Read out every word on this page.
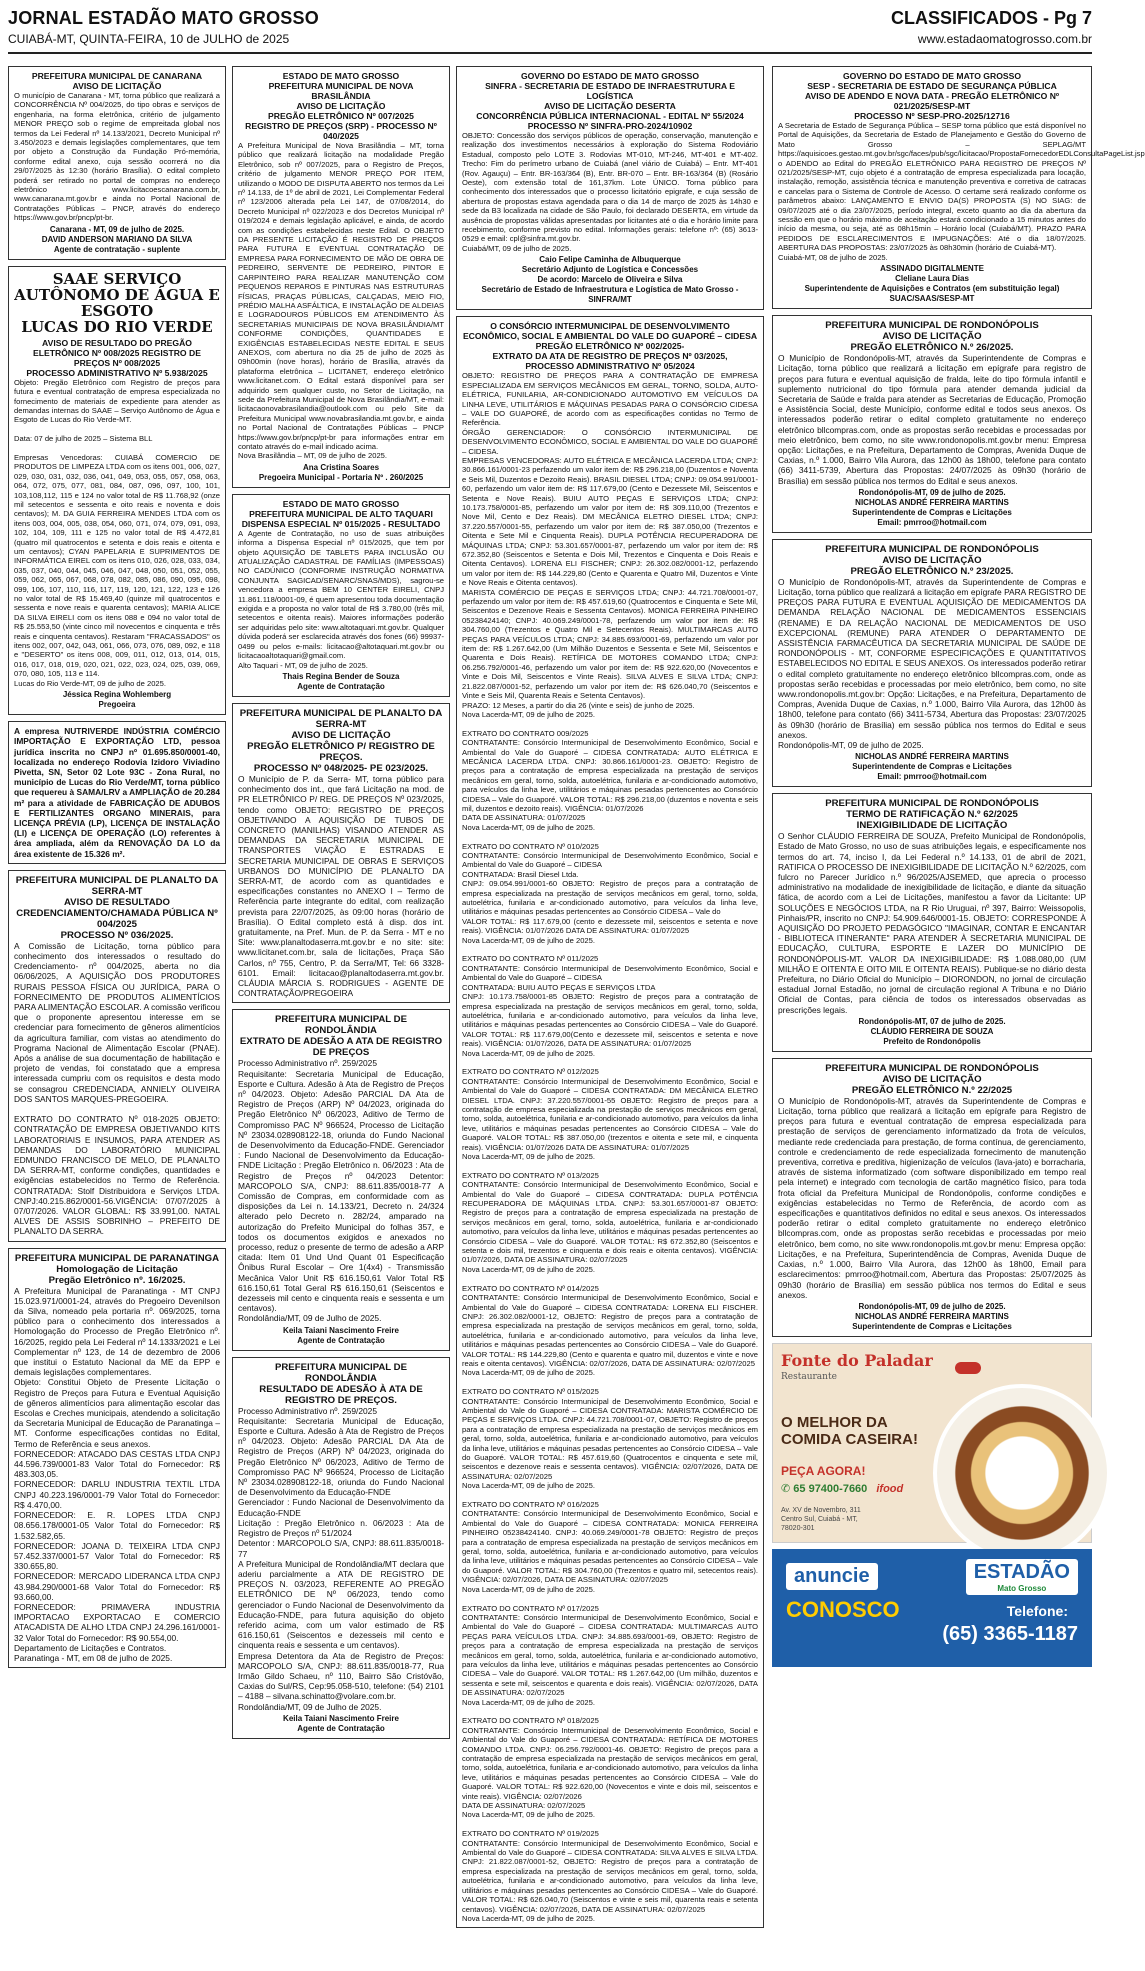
JORNAL ESTADÃO MATO GROSSO
CUIABÁ-MT, QUINTA-FEIRA, 10 de JULHO de 2025
CLASSIFICADOS - Pg 7
www.estadaomatogrosso.com.br
PREFEITURA MUNICIPAL DE CANARANA
AVISO DE LICITAÇÃO
O município de Canarana - MT, torna público que realizará a CONCORRÊNCIA Nº 004/2025, do tipo obras e serviços de engenharia, na forma eletrônica, critério de julgamento MENOR PREÇO sob o regime de empreitada global nos termos da Lei Federal nº 14.133/2021, Decreto Municipal nº 3.450/2023 e demais legislações complementares, que tem por objeto a Construção da Fundação Pró-memória, conforme edital anexo, cuja sessão ocorrerá no dia 29/07/2025 às 12:30 (horário Brasília). O edital completo poderá ser retirado no portal de compras no endereço eletrônico www.licitacoescanarana.com.br, www.canarana.mt.gov.br e ainda no Portal Nacional de Contratações Públicas – PNCP, através do endereço https://www.gov.br/pncp/pt-br.
Canarana - MT, 09 de julho de 2025.
DAVID ANDERSON MARIANO DA SILVA
Agente de contratação - suplente
SAAE SERVIÇO AUTÔNOMO DE ÁGUA E ESGOTO
LUCAS DO RIO VERDE
AVISO DE RESULTADO DO PREGÃO ELETRÔNICO Nº 008/2025 REGISTRO DE PREÇOS Nº 008/2025
PROCESSO ADMINISTRATIVO Nº 5.938/2025
Objeto: Pregão Eletrônico com Registro de preços para futura e eventual contratação de empresa especializada no fornecimento de materiais de expediente para atender as demandas internas do SAAE – Serviço Autônomo de Água e Esgoto de Lucas do Rio Verde-MT.

Data: 07 de julho de 2025 – Sistema BLL

Empresas Vencedoras: CUIABÁ COMERCIO DE PRODUTOS DE LIMPEZA LTDA com os itens 001, 006, 027, 029, 030, 031, 032, 036, 041, 049, 053, 055, 057, 058, 063, 064, 072, 075, 077, 081, 084, 087, 096, 097, 100, 101, 103,108,112, 115 e 124 no valor total de R$ 11.768,92 (onze mil setecentos e sessenta e oito reais e noventa e dois centavos); M. DA GUIA FERREIRA MENDES LTDA com os itens 003, 004, 005, 038, 054, 060, 071, 074, 079, 091, 093, 102, 104, 109, 111 e 125 no valor total de R$ 4.472,81 (quatro mil quatrocentos e setenta e dois reais e oitenta e um centavos); CYAN PAPELARIA E SUPRIMENTOS DE INFORMÁTICA EIREL com os itens 010, 026, 028, 033, 034, 035, 037, 040, 044, 045, 046, 047, 048, 050, 051, 052, 055, 059, 062, 065, 067, 068, 078, 082, 085, 086, 090, 095, 098, 099, 106, 107, 110, 116, 117, 119, 120, 121, 122, 123 e 126 no valor total de R$ 15.469,40 (quinze mil quatrocentos e sessenta e nove reais e quarenta centavos); MARIA ALICE DA SILVA EIRELI com os itens 088 e 094 no valor total de R$ 25.553,50 (vinte cinco mil novecentos e cinquenta e três reais e cinquenta centavos). Restaram "FRACASSADOS" os itens 002, 007, 042, 043, 061, 066, 073, 076, 089, 092, e 118 e "DESERTO" os itens 008, 009, 011, 012, 013, 014, 015, 016, 017, 018, 019, 020, 021, 022, 023, 024, 025, 039, 069, 070, 080, 105, 113 e 114.
Lucas do Rio Verde-MT, 09 de julho de 2025.
Jéssica Regina Wohlemberg
Pregoeira
A empresa NUTRIVERDE INDÚSTRIA COMÉRCIO IMPORTAÇÃO E EXPORTAÇÃO LTD, pessoa jurídica inscrita no CNPJ nº 01.695.850/0001-40, localizada no endereço Rodovia Izidoro Viviadino Pivetta, SN, Setor 02 Lote 93C - Zona Rural, no município de Lucas do Rio Verde/MT, torna público que requereu à SAMA/LRV a AMPLIAÇÃO de 20.284 m² para a atividade de FABRICAÇÃO DE ADUBOS E FERTILIZANTES ORGANO MINERAIS, para LICENÇA PRÉVIA (LP), LICENÇA DE INSTALAÇÃO (LI) e LICENÇA DE OPERAÇÃO (LO) referentes à área ampliada, além da RENOVAÇÃO DA LO da área existente de 15.326 m².
PREFEITURA MUNICIPAL DE PLANALTO DA SERRA-MT
AVISO DE RESULTADO CREDENCIAMENTO/CHAMADA PÚBLICA Nº 004/2025
PROCESSO Nº 036/2025.
A Comissão de Licitação, torna público para conhecimento dos interessados o resultado do Credenciamento- nº 004/2025, aberta no dia 06/06/2025, A AQUISIÇÃO DOS PRODUTORES RURAIS PESSOA FÍSICA OU JURÍDICA, PARA O FORNECIMENTO DE PRODUTOS ALIMENTÍCIOS PARA ALIMENTAÇÃO ESCOLAR. A comissão verificou que o proponente apresentou interesse em se credenciar para fornecimento de gêneros alimentícios da agricultura familiar, com vistas ao atendimento do Programa Nacional de Alimentação Escolar (PNAE). Após a análise de sua documentação de habilitação e projeto de vendas, foi constatado que a empresa interessada cumpriu com os requisitos e desta modo se consagrou CREDENCIADA, ANNIELY OLIVEIRA DOS SANTOS MARQUES-PREGOEIRA.

EXTRATO DO CONTRATO Nº 018-2025 OBJETO: CONTRATAÇÃO DE EMPRESA OBJETIVANDO KITS LABORATORIAIS E INSUMOS, PARA ATENDER AS DEMANDAS DO LABORATÓRIO MUNICIPAL EDMUNDO FRANCISCO DE MELO, DE PLANALTO DA SERRA-MT, conforme condições, quantidades e exigências estabelecidos no Termo de Referência. CONTRATADA: Stolf Distribuidora e Serviços LTDA. CNPJ:40.215.862/0001-56.VIGÊNCIA: 07/07/2025 à 07/07/2026. VALOR GLOBAL: R$ 33.991,00. NATAL ALVES DE ASSIS SOBRINHO – PREFEITO DE PLANALTO DA SERRA.
PREFEITURA MUNICIPAL DE PARANATINGA
Homologação de Licitação
Pregão Eletrônico nº. 16/2025.
A Prefeitura Municipal de Paranatinga - MT CNPJ 15.023.971/0001-24, através do Pregoeiro Devenilson da Silva, nomeado pela portaria nº. 069/2025, torna público para o conhecimento dos interessados a Homologação do Processo de Pregão Eletrônico nº. 16/2025, regido pela Lei Federal nº 14.1333/2021 e Lei Complementar nº 123, de 14 de dezembro de 2006 que institui o Estatuto Nacional da ME da EPP e demais legislações complementares.
Objeto: Constitui Objeto de Presente Licitação o Registro de Preços para Futura e Eventual Aquisição de gêneros alimentícios para alimentação escolar das Escolas e Creches municipais, atendendo a solicitação da Secretaria Municipal de Educação de Paranatinga – MT. Conforme especificações contidas no Edital, Termo de Referência e seus anexos.
FORNECEDOR: ATACADO DAS CESTAS LTDA CNPJ 44.596.739/0001-83 Valor Total do Fornecedor: R$ 483.303,05.
FORNECEDOR: DARLU INDUSTRIA TEXTIL LTDA CNPJ 40.223.196/0001-79 Valor Total do Fornecedor: R$ 4.470,00.
FORNECEDOR: E. R. LOPES LTDA CNPJ 08.656.178/0001-05 Valor Total do Fornecedor: R$ 1.532.582,65.
FORNECEDOR: JOANA D. TEIXEIRA LTDA CNPJ 57.452.337/0001-57 Valor Total do Fornecedor: R$ 330.655,80.
FORNECEDOR: MERCADO LIDERANCA LTDA CNPJ 43.984.290/0001-68 Valor Total do Fornecedor: R$ 93.660,00.
FORNECEDOR: PRIMAVERA INDUSTRIA IMPORTACAO EXPORTACAO E COMERCIO ATACADISTA DE ALHO LTDA CNPJ 24.296.161/0001-32 Valor Total do Fornecedor: R$ 90.554,00.
Departamento de Licitações e Contratos.
Paranatinga - MT, em 08 de julho de 2025.
ESTADO DE MATO GROSSO
PREFEITURA MUNICIPAL DE NOVA BRASILÂNDIA
AVISO DE LICITAÇÃO
PREGÃO ELETRÔNICO Nº 007/2025
REGISTRO DE PREÇOS (SRP) - PROCESSO Nº 040/2025
A Prefeitura Municipal de Nova Brasilândia – MT, torna público que realizará licitação na modalidade Pregão Eletrônico, sob nº 007/2025, para o Registro de Preços, critério de julgamento MENOR PREÇO POR ITEM, utilizando o MODO DE DISPUTA ABERTO nos termos da Lei nº 14.133, de 1º de abril de 2021, Lei Complementar Federal nº 123/2006 alterada pela Lei 147, de 07/08/2014, do Decreto Municipal nº 022/2023 e dos Decretos Municipal nº 019/2024 e demais legislação aplicável, e ainda, de acordo com as condições estabelecidas neste Edital. O OBJETO DA PRESENTE LICITAÇÃO É REGISTRO DE PREÇOS PARA FUTURA E EVENTUAL CONTRATAÇÃO DE EMPRESA PARA FORNECIMENTO DE MÃO DE OBRA DE PEDREIRO, SERVENTE DE PEDREIRO, PINTOR E CARPINTEIRO PARA REALIZAR MANUTENÇÃO COM PEQUENOS REPAROS E PINTURAS NAS ESTRUTURAS FÍSICAS, PRAÇAS PÚBLICAS, CALÇADAS, MEIO FIO, PRÉDIO MALHA ASFÁLTICA, E INSTALAÇÃO DE ALDEIAS E LOGRADOUROS PÚBLICOS EM ATENDIMENTO ÀS SECRETARIAS MUNICIPAIS DE NOVA BRASILÂNDIA/MT CONFORME CONDIÇÕES, QUANTIDADES E EXIGÊNCIAS ESTABELECIDAS NESTE EDITAL E SEUS ANEXOS, com abertura no dia 25 de julho de 2025 às 09h00min (nove horas), horário de Brasília, através da plataforma eletrônica – LICITANET, endereço eletrônico www.licitanet.com. O Edital estará disponível para ser adquirido sem qualquer custo, no Setor de Licitação, na sede da Prefeitura Municipal de Nova Brasilândia/MT, e-mail: licitacaonovabrasilandia@outlook.com ou pelo Site da Prefeitura Municipal www.novabrasilandia.mt.gov.br, e ainda no Portal Nacional de Contratações Públicas – PNCP https://www.gov.br/pncp/pt-br para informações entrar em contato através do e-mail indicado acima.
Nova Brasilândia – MT, 09 de julho de 2025.
Ana Cristina Soares
Pregoeira Municipal - Portaria Nº . 260/2025
ESTADO DE MATO GROSSO
PREFEITURA MUNICIPAL DE ALTO TAQUARI
DISPENSA ESPECIAL Nº 015/2025 - RESULTADO
A Agente de Contratação, no uso de suas atribuições informa a Dispensa Especial nº 015/2025, que tem por objeto AQUISIÇÃO DE TABLETS PARA INCLUSÃO OU ATUALIZAÇÃO CADASTRAL DE FAMÍLIAS (IMPESSOAS) NO CADÚNICO (CONFORME INSTRUÇÃO NORMATIVA CONJUNTA SAGICAD/SENARC/SNAS/MDS), sagrou-se vencedora a empresa BEM 10 CENTER EIRELI, CNPJ 11.861.118/0001-09, é quem apresentou toda documentação exigida e a proposta no valor total de R$ 3.780,00 (três mil, setecentos e oitenta reais). Maiores informações poderão ser adquiridas pelo site: www.altotaquari.mt.gov.br. Qualquer dúvida poderá ser esclarecida através dos fones (66) 99937-0499 ou pelos e-mails: licitacao@altotaquari.mt.gov.br ou licitacaoaltotaquari@gmail.com.
Alto Taquari - MT, 09 de julho de 2025.
Thais Regina Bender de Souza
Agente de Contratação
PREFEITURA MUNICIPAL DE PLANALTO DA SERRA-MT
AVISO DE LICITAÇÃO
PREGÃO ELETRÔNICO P/ REGISTRO DE PREÇOS.
PROCESSO Nº 048/2025- PE 023/2025.
O Município de P. da Serra- MT, torna público para conhecimento dos int., que fará Licitação na mod. de PR ELETRÔNICO P/ REG. DE PREÇOS Nº 023/2025, tendo como OBJETO: REGISTRO DE PREÇOS OBJETIVANDO A AQUISIÇÃO DE TUBOS DE CONCRETO (MANILHAS) VISANDO ATENDER AS DEMANDAS DA SECRETARIA MUNICIPAL DE TRANSPORTES VIAÇÃO E ESTRADAS E SECRETARIA MUNICIPAL DE OBRAS E SERVIÇOS URBANOS DO MUNICÍPIO DE PLANALTO DA SERRA-MT, de acordo com as quantidades e especificações constantes no ANEXO I – Termo de Referência parte integrante do edital, com realização prevista para 22/07/2025, às 09:00 horas (horário de Brasília). O Edital completo está à disp. dos int. gratuitamente, na Pref. Mun. de P. da Serra - MT e no Site: www.planaltodaserra.mt.gov.br e no site: site: www.licitanet.com.br, sala de licitações, Praça São Carlos, nº 755, Centro, P. da Serra/MT, Tel: 66 3328-6101. Email: licitacao@planaltodaserra.mt.gov.br. CLÁUDIA MÁRCIA S. RODRIGUES - AGENTE DE CONTRATAÇÃO/PREGOEIRA
PREFEITURA MUNICIPAL DE RONDOLÂNDIA
EXTRATO DE ADESÃO A ATA DE REGISTRO DE PREÇOS
Processo Administrativo nº. 259/2025
Requisitante: Secretaria Municipal de Educação, Esporte e Cultura. Adesão à Ata de Registro de Preços nº 04/2023. Objeto: Adesão PARCIAL DA Ata de Registro de Preços (ARP) Nº 04/2023, originada do Pregão Eletrônico Nº 06/2023, Aditivo de Termo de Compromisso PAC Nº 966524, Processo de Licitação Nº 23034.028908122-18, oriunda do Fundo Nacional de Desenvolvimento da Educação-FNDE. Gerenciador : Fundo Nacional de Desenvolvimento da Educação-FNDE Licitação : Pregão Eletrônico n. 06/2023 : Ata de Registro de Preços nº 04/2023 Detentor: MARCOPOLO S/A, CNPJ: 88.611.835/0018-77 A Comissão de Compras, em conformidade com as disposições da Lei n. 14.133/21, Decreto n. 24/324 alterado pelo Decreto n. 282/24, amparado na autorização do Prefeito Municipal do folhas 357, e todos os documentos exigidos e anexados no processo, reduz o presente de termo de adesão a ARP citada: Item 01 Und Und Quant 01 Especificação Ônibus Rural Escolar – Ore 1(4x4) - Transmissão Mecânica Valor Unit R$ 616.150,61 Valor Total R$ 616.150,61 Total Geral R$ 616.150,61 (Seiscentos e dezesseis mil cento e cinquenta reais e sessenta e um centavos).
Rondolândia/MT, 09 de Julho de 2025.
Keila Taiani Nascimento Freire
Agente de Contratação
PREFEITURA MUNICIPAL DE RONDOLÂNDIA
RESULTADO DE ADESÃO À ATA DE REGISTRO DE PREÇOS.
Processo Administrativo nº. 259/2025
Requisitante: Secretaria Municipal de Educação, Esporte e Cultura. Adesão à Ata de Registro de Preços nº 04/2023. Objeto: Adesão PARCIAL DA Ata de Registro de Preços (ARP) Nº 04/2023, originada do Pregão Eletrônico Nº 06/2023, Aditivo de Termo de Compromisso PAC Nº 966524, Processo de Licitação Nº 23034.028908122-18, oriunda do Fundo Nacional de Desenvolvimento da Educação-FNDE
Gerenciador : Fundo Nacional de Desenvolvimento da Educação-FNDE
Licitação : Pregão Eletrônico n. 06/2023 : Ata de Registro de Preços nº 51/2024
Detentor : MARCOPOLO S/A, CNPJ: 88.611.835/0018-77
A Prefeitura Municipal de Rondolândia/MT declara que aderiu parcialmente a ATA DE REGISTRO DE PREÇOS N. 03/2023, REFERENTE AO PREGÃO ELETRÔNICO DE Nº 06/2023, tendo como gerenciador o Fundo Nacional de Desenvolvimento da Educação-FNDE, para futura aquisição do objeto referido acima, com um valor estimado de R$ 616.150,61 (Seiscentos e dezesseis mil cento e cinquenta reais e sessenta e um centavos).
Empresa Detentora da Ata de Registro de Preços: MARCOPOLO S/A, CNPJ: 88.611.835/0018-77, Rua Irmão Gildo Schaeu, nº 110, Bairro São Cristóvão, Caxias do Sul/RS, Cep:95.058-510, telefone: (54) 2101 – 4188 – silvana.schinatto@volare.com.br.
Rondolândia/MT, 09 de Julho de 2025.
Keila Taiani Nascimento Freire
Agente de Contratação
GOVERNO DO ESTADO DE MATO GROSSO
SINFRA - SECRETARIA DE ESTADO DE INFRAESTRUTURA E LOGÍSTICA
AVISO DE LICITAÇÃO DESERTA
CONCORRÊNCIA PÚBLICA INTERNACIONAL - EDITAL Nº 55/2024
PROCESSO Nº SINFRA-PRO-2024/10902
OBJETO: Concessão dos serviços públicos de operação, conservação, manutenção e realização dos investimentos necessários à exploração do Sistema Rodoviário Estadual, composto pelo LOTE 3. Rodovias MT-010, MT-246, MT-401 e MT-402. Trecho: Fim do perímetro urbano de Cuiabá (anel viário de Cuiabá) – Entr. MT-401 (Rov. Agauçu) – Entr. BR-163/364 (B), Entr. BR-070 – Entr. BR-163/364 (B) (Rosário Oeste), com extensão total de 161,37km. Lote ÚNICO. Torna público para conhecimento dos interessados que o processo licitatório epigrafe, e cuja sessão de abertura de propostas estava agendada para o dia 14 de março de 2025 às 14h30 e sede da B3 localizada na cidade de São Paulo, foi declarado DESERTA, em virtude da ausência de propostas válidas apresentadas por licitantes até o dia e horário limite para recebimento, conforme previsto no edital. Informações gerais: telefone nº: (65) 3613-0529 e email: cpl@sinfra.mt.gov.br.
Cuiabá/MT, 09 de julho de 2025.
Caio Felipe Caminha de Albuquerque
Secretário Adjunto de Logística e Concessões
De acordo: Marcelo de Oliveira e Silva
Secretário de Estado de Infraestrutura e Logística de Mato Grosso - SINFRA/MT
O CONSÓRCIO INTERMUNICIPAL DE DESENVOLVIMENTO ECONÔMICO, SOCIAL E AMBIENTAL DO VALE DO GUAPORÉ – CIDESA
PREGÃO ELETRÔNICO Nº 002/2025-
EXTRATO DA ATA DE REGISTRO DE PREÇOS Nº 03/2025,
PROCESSO ADMINISTRATIVO Nº 05/2024
OBJETO: REGISTRO DE PREÇOS PARA A CONTRATAÇÃO DE EMPRESA ESPECIALIZADA EM SERVIÇOS MECÂNICOS EM GERAL, TORNO, SOLDA, AUTO-ELÉTRICA, FUNILARIA, AR-CONDICIONADO AUTOMOTIVO EM VEÍCULOS DA LINHA LEVE, UTILITÁRIOS E MÁQUINAS PESADAS PARA O CONSÓRCIO CIDESA – VALE DO GUAPORÉ, de acordo com as especificações contidas no Termo de Referência.
ÓRGÃO GERENCIADOR: O CONSÓRCIO INTERMUNICIPAL DE DESENVOLVIMENTO ECONÔMICO, SOCIAL E AMBIENTAL DO VALE DO GUAPORÉ – CIDESA.
EMPRESAS VENCEDORAS: AUTO ELÉTRICA E MECÂNICA LACERDA LTDA; CNPJ: 30.866.161/0001-23 perfazendo um valor item de: R$ 296.218,00 (Duzentos e Noventa e Seis Mil, Duzentos e Dezoito Reais). BRASIL DIESEL LTDA; CNPJ: 09.054.991/0001-60, perfazendo um valor item de: R$ 117.679,00 (Cento e Dezessete Mil, Seiscentos e Setenta e Nove Reais). BUIU AUTO PEÇAS E SERVIÇOS LTDA; CNPJ: 10.173.758/0001-85, perfazendo um valor por item de: R$ 309.110,00 (Trezentos e Nove Mil, Cento e Dez Reais). DM MECÂNICA ELETRO DIESEL LTDA; CNPJ: 37.220.557/0001-55, perfazendo um valor por item de: R$ 387.050,00 (Trezentos e Oitenta e Sete Mil e Cinquenta Reais). DUPLA POTÊNCIA RECUPERADORA DE MÁQUINAS LTDA; CNPJ: 53.301.657/0001-87, perfazendo um valor por item de: R$ 672.352,80 (Seiscentos e Setenta e Dois Mil, Trezentos e Cinquenta e Dois Reais e Oitenta Centavos). LORENA ELI FISCHER; CNPJ: 26.302.082/0001-12, perfazendo um valor por item de: R$ 144.229,80 (Cento e Quarenta e Quatro Mil, Duzentos e Vinte e Nove Reais e Oitenta centavos).
MARISTA COMÉRCIO DE PEÇAS E SERVIÇOS LTDA; CNPJ: 44.721.708/0001-07, perfazendo um valor por item de: R$ 457.619,60 (Quatrocentos e Cinquenta e Sete Mil, Seiscentos e Dezenove Reais e Sessenta Centavos). MONICA FERREIRA PINHEIRO 05238424140; CNPJ: 40.069.249/0001-78, perfazendo um valor por item de: R$ 304.760,00 (Trezentos e Quatro Mil e Setecentos Reais). MULTIMARCAS AUTO PEÇAS PARA VEÍCULOS LTDA; CNPJ: 34.885.693/0001-69, perfazendo um valor por item de: R$ 1.267.642,00 (Um Milhão Duzentos e Sessenta e Sete Mil, Seiscentos e Quarenta e Dois Reais). RETÍFICA DE MOTORES COMANDO LTDA; CNPJ: 06.256.792/0001-46, perfazendo um valor por item de: R$ 922.620,00 (Novecentos e Vinte e Dois Mil, Seiscentos e Vinte Reais). SILVA ALVES E SILVA LTDA; CNPJ: 21.822.087/0001-52, perfazendo um valor por item de: R$ 626.040,70 (Seiscentos e Vinte e Seis Mil, Quarenta Reais e Setenta Centavos).
PRAZO: 12 Meses, a partir do dia 26 (vinte e seis) de junho de 2025.
Nova Lacerda-MT, 09 de julho de 2025.

EXTRATO DO CONTRATO 009/2025
CONTRATANTE: Consórcio Intermunicipal de Desenvolvimento Econômico, Social e Ambiental do Vale do Guaporé – CIDESA CONTRATADA: AUTO ELÉTRICA E MECÂNICA LACERDA LTDA. CNPJ: 30.866.161/0001-23. OBJETO: Registro de preços para a contratação de empresa especializada na prestação de serviços mecânicos em geral, torno, solda, autoelétrica, funilaria e ar-condicionado automotivo, para veículos da linha leve, utilitários e máquinas pesadas pertencentes ao Consórcio CIDESA – Vale do Guaporé. VALOR TOTAL: R$ 296.218,00 (duzentos e noventa e seis mil, duzentos e dezoito reais). VIGÊNCIA: 01/07/2026
DATA DE ASSINATURA: 01/07/2025
Nova Lacerda-MT, 09 de julho de 2025.

EXTRATO DO CONTRATO Nº 010/2025
CONTRATANTE: Consórcio Intermunicipal de Desenvolvimento Econômico, Social e Ambiental do Vale do Guaporé – CIDESA
CONTRATADA: Brasil Diesel Ltda.
CNPJ: 09.054.991/0001-60 OBJETO: Registro de preços para a contratação de empresa especializada na prestação de serviços mecânicos em geral, torno, solda, autoelétrica, funilaria e ar-condicionado automotivo, para veículos da linha leve, utilitários e máquinas pesadas pertencentes ao Consórcio CIDESA – Vale do
VALOR TOTAL: R$ 117.679,00 (cento e dezessete mil, seiscentos e setenta e nove reais). VIGÊNCIA: 01/07/2026 DATA DE ASSINATURA: 01/07/2025
Nova Lacerda-MT, 09 de julho de 2025.

EXTRATO DO CONTRATO Nº 011/2025
CONTRATANTE: Consórcio Intermunicipal de Desenvolvimento Econômico, Social e Ambiental do Vale do Guaporé – CIDESA
CONTRATADA: BUIU AUTO PEÇAS E SERVIÇOS LTDA
CNPJ: 10.173.758/0001-85 OBJETO: Registro de preços para a contratação de empresa especializada na prestação de serviços mecânicos em geral, torno, solda, autoelétrica, funilaria e ar-condicionado automotivo, para veículos da linha leve, utilitários e máquinas pesadas pertencentes ao Consórcio CIDESA – Vale do Guaporé. VALOR TOTAL: R$ 117.679,00(Cento e dezessete mil, seiscentos e setenta e nove reais). VIGÊNCIA: 01/07/2026, DATA DE ASSINATURA: 01/07/2025
Nova Lacerda-MT, 09 de julho de 2025.

EXTRATO DO CONTRATO Nº 012/2025
CONTRATANTE: Consórcio Intermunicipal de Desenvolvimento Econômico, Social e Ambiental do Vale do Guaporé – CIDESA CONTRATADA: DM MECÂNICA ELETRO DIESEL LTDA. CNPJ: 37.220.557/0001-55 OBJETO: Registro de preços para a contratação de empresa especializada na prestação de serviços mecânicos em geral, torno, solda, autoelétrica, funilaria e ar-condicionado automotivo, para veículos da linha leve, utilitários e máquinas pesadas pertencentes ao Consórcio CIDESA – Vale do Guaporé. VALOR TOTAL: R$ 387.050,00 (trezentos e oitenta e sete mil, e cinquenta reais). VIGÊNCIA: 01/07/2026 DATA DE ASSINATURA: 01/07/2025
Nova Lacerda-MT, 09 de julho de 2025.

EXTRATO DO CONTRATO Nº 013/2025
CONTRATANTE: Consórcio Intermunicipal de Desenvolvimento Econômico, Social e Ambiental do Vale do Guaporé – CIDESA CONTRATADA: DUPLA POTÊNCIA RECUPERADORA DE MÁQUINAS LTDA. CNPJ: 53.301.657/0001-87 OBJETO: Registro de preços para a contratação de empresa especializada na prestação de serviços mecânicos em geral, torno, solda, autoelétrica, funilaria e ar-condicionado automotivo, para veículos da linha leve, utilitários e máquinas pesadas pertencentes ao Consórcio CIDESA – Vale do Guaporé. VALOR TOTAL: R$ 672.352,80 (Seiscentos e setenta e dois mil, trezentos e cinquenta e dois reais e oitenta centavos). VIGÊNCIA: 01/07/2026, DATA DE ASSINATURA: 02/07/2025
Nova Lacerda-MT, 09 de julho de 2025.

EXTRATO DO CONTRATO Nº 014/2025
CONTRATANTE: Consórcio Intermunicipal de Desenvolvimento Econômico, Social e Ambiental do Vale do Guaporé – CIDESA CONTRATADA: LORENA ELI FISCHER. CNPJ: 26.302.082/0001-12, OBJETO: Registro de preços para a contratação de empresa especializada na prestação de serviços mecânicos em geral, torno, solda, autoelétrica, funilaria e ar-condicionado automotivo, para veículos da linha leve, utilitários e máquinas pesadas pertencentes ao Consórcio CIDESA – Vale do Guaporé. VALOR TOTAL: R$ 144.229,80 (Cento e quarenta e quatro mil, duzentos e vinte e nove reais e oitenta centavos). VIGÊNCIA: 02/07/2026, DATA DE ASSINATURA: 02/07/2025
Nova Lacerda-MT, 09 de julho de 2025.

EXTRATO DO CONTRATO Nº 015/2025
CONTRATANTE: Consórcio Intermunicipal de Desenvolvimento Econômico, Social e Ambiental do Vale do Guaporé – CIDESA CONTRATADA: MARISTA COMÉRCIO DE PEÇAS E SERVIÇOS LTDA. CNPJ: 44.721.708/0001-07, OBJETO: Registro de preços para a contratação de empresa especializada na prestação de serviços mecânicos em geral, torno, solda, autoelétrica, funilaria e ar-condicionado automotivo, para veículos da linha leve, utilitários e máquinas pesadas pertencentes ao Consórcio CIDESA – Vale do Guaporé. VALOR TOTAL: R$ 457.619,60 (Quatrocentos e cinquenta e sete mil, seiscentos e dezenove reais e sessenta centavos). VIGÊNCIA: 02/07/2026, DATA DE ASSINATURA: 02/07/2025
Nova Lacerda-MT, 09 de julho de 2025.

EXTRATO DO CONTRATO Nº 016/2025
CONTRATANTE: Consórcio Intermunicipal de Desenvolvimento Econômico, Social e Ambiental do Vale do Guaporé – CIDESA CONTRATADA: MONICA FERREIRA PINHEIRO 05238424140. CNPJ: 40.069.249/0001-78 OBJETO: Registro de preços para a contratação de empresa especializada na prestação de serviços mecânicos em geral, torno, solda, autoelétrica, funilaria e ar-condicionado automotivo, para veículos da linha leve, utilitários e máquinas pesadas pertencentes ao Consórcio CIDESA – Vale do Guaporé. VALOR TOTAL: R$ 304.760,00 (Trezentos e quatro mil, setecentos reais). VIGÊNCIA: 02/07/2026, DATA DE ASSINATURA: 02/07/2025
Nova Lacerda-MT, 09 de julho de 2025.

EXTRATO DO CONTRATO Nº 017/2025
CONTRATANTE: Consórcio Intermunicipal de Desenvolvimento Econômico, Social e Ambiental do Vale do Guaporé – CIDESA CONTRATADA: MULTIMARCAS AUTO PEÇAS PARA VEÍCULOS LTDA. CNPJ: 34.885.693/0001-69, OBJETO: Registro de preços para a contratação de empresa especializada na prestação de serviços mecânicos em geral, torno, solda, autoelétrica, funilaria e ar-condicionado automotivo, para veículos da linha leve, utilitários e máquinas pesadas pertencentes ao Consórcio CIDESA – Vale do Guaporé. VALOR TOTAL: R$ 1.267.642,00 (Um milhão, duzentos e sessenta e sete mil, seiscentos e quarenta e dois reais). VIGÊNCIA: 02/07/2026, DATA DE ASSINATURA: 02/07/2025
Nova Lacerda-MT, 09 de julho de 2025.

EXTRATO DO CONTRATO Nº 018/2025
CONTRATANTE: Consórcio Intermunicipal de Desenvolvimento Econômico, Social e Ambiental do Vale do Guaporé – CIDESA CONTRATADA: RETÍFICA DE MOTORES COMANDO LTDA. CNPJ: 06.256.792/0001-46. OBJETO: Registro de preços para a contratação de empresa especializada na prestação de serviços mecânicos em geral, torno, solda, autoelétrica, funilaria e ar-condicionado automotivo, para veículos da linha leve, utilitários e máquinas pesadas pertencentes ao Consórcio CIDESA – Vale do Guaporé. VALOR TOTAL: R$ 922.620,00 (Novecentos e vinte e dois mil, seiscentos e vinte reais). VIGÊNCIA: 02/07/2026
DATA DE ASSINATURA: 02/07/2025
Nova Lacerda-MT, 09 de julho de 2025.

EXTRATO DO CONTRATO Nº 019/2025
CONTRATANTE: Consórcio Intermunicipal de Desenvolvimento Econômico, Social e Ambiental do Vale do Guaporé – CIDESA CONTRATADA: SILVA ALVES E SILVA LTDA. CNPJ: 21.822.087/0001-52, OBJETO: Registro de preços para a contratação de empresa especializada na prestação de serviços mecânicos em geral, torno, solda, autoelétrica, funilaria e ar-condicionado automotivo, para veículos da linha leve, utilitários e máquinas pesadas pertencentes ao Consórcio CIDESA – Vale do Guaporé. VALOR TOTAL: R$ 626.040,70 (Seiscentos e vinte e seis mil, quarenta reais e setenta centavos). VIGÊNCIA: 02/07/2026, DATA DE ASSINATURA: 02/07/2025
Nova Lacerda-MT, 09 de julho de 2025.
GOVERNO DO ESTADO DE MATO GROSSO
SESP - SECRETARIA DE ESTADO DE SEGURANÇA PÚBLICA
AVISO DE ADENDO E NOVA DATA - PREGÃO ELETRÔNICO Nº 021/2025/SESP-MT
PROCESSO Nº SESP-PRO-2025/12716
A Secretaria de Estado de Segurança Pública – SESP torna público que está disponível no Portal de Aquisições, da Secretaria de Estado de Planejamento e Gestão do Governo de Mato Grosso – SEPLAG/MT https://aquisicoes.gestao.mt.gov.br/sgc/faces/pub/sgc/licitacao/PropostaFornecedorEDLConsultaPageList.jsp o ADENDO ao Edital do PREGÃO ELETRÔNICO PARA REGISTRO DE PREÇOS Nº 021/2025/SESP-MT, cujo objeto é a contratação de empresa especializada para locação, instalação, remoção, assistência técnica e manutenção preventiva e corretiva de catracas e cancelas para o Sistema de Controle de Acesso. O certame será realizado conforme os parâmetros abaixo: LANÇAMENTO E ENVIO DA(S) PROPOSTA (S) NO SIAG: de 09/07/2025 até o dia 23/07/2025, período integral, exceto quanto ao dia da abertura da sessão em que o horário máximo de aceitação estará condicionado a 15 minutos antes do início da mesma, ou seja, até as 08h15min – Horário local (Cuiabá/MT). PRAZO PARA PEDIDOS DE ESCLARECIMENTOS E IMPUGNAÇÕES: Até o dia 18/07/2025. ABERTURA DAS PROPOSTAS: 23/07/2025 às 08h30min (horário de Cuiabá-MT).
Cuiabá-MT, 08 de julho de 2025.
ASSINADO DIGITALMENTE
Cleliane Laura Dias
Superintendente de Aquisições e Contratos (em substituição legal)
SUAC/SAAS/SESP-MT
PREFEITURA MUNICIPAL DE RONDONÓPOLIS
AVISO DE LICITAÇÃO
PREGÃO ELETRÔNICO N.º 26/2025.
O Município de Rondonópolis-MT, através da Superintendente de Compras e Licitação, torna público que realizará a licitação em epígrafe para registro de preços para futura e eventual aquisição de fralda, leite do tipo fórmula infantil e suplemento nutricional do tipo fórmula para atender demanda judicial da Secretaria de Saúde e fralda para atender as Secretarias de Educação, Promoção e Assistência Social, deste Município, conforme edital e todos seus anexos. Os interessados poderão retirar o edital completo gratuitamente no endereço eletrônico bllcompras.com, onde as propostas serão recebidas e processadas por meio eletrônico, bem como, no site www.rondonopolis.mt.gov.br menu: Empresa opção: Licitações, e na Prefeitura, Departamento de Compras, Avenida Duque de Caxias, n.º 1.000, Bairro Vila Aurora, das 12h00 às 18h00, telefone para contato (66) 3411-5739, Abertura das Propostas: 24/07/2025 às 09h30 (horário de Brasília) em sessão pública nos termos do Edital e seus anexos.
Rondonópolis-MT, 09 de julho de 2025.
NICHOLAS ANDRÉ FERREIRA MARTINS
Superintendente de Compras e Licitações
Email: pmrroo@hotmail.com
PREFEITURA MUNICIPAL DE RONDONÓPOLIS
AVISO DE LICITAÇÃO
PREGÃO ELETRÔNICO N.º 23/2025.
O Município de Rondonópolis-MT, através da Superintendente de Compras e Licitação, torna público que realizará a licitação em epígrafe PARA REGISTRO DE PREÇOS PARA FUTURA E EVENTUAL AQUISIÇÃO DE MEDICAMENTOS DA DEMANDA RELAÇÃO NACIONAL DE MEDICAMENTOS ESSENCIAIS (RENAME) E DA RELAÇÃO NACIONAL DE MEDICAMENTOS DE USO EXCEPCIONAL (REMUNE) PARA ATENDER O DEPARTAMENTO DE ASSISTÊNCIA FARMACÊUTICA DA SECRETARIA MUNICIPAL DE SAÚDE DE RONDONÓPOLIS - MT, CONFORME ESPECIFICAÇÕES E QUANTITATIVOS ESTABELECIDOS NO EDITAL E SEUS ANEXOS. Os interessados poderão retirar o edital completo gratuitamente no endereço eletrônico bllcompras.com, onde as propostas serão recebidas e processadas por meio eletrônico, bem como, no site www.rondonopolis.mt.gov.br: Opção: Licitações, e na Prefeitura, Departamento de Compras, Avenida Duque de Caxias, n.º 1.000, Bairro Vila Aurora, das 12h00 às 18h00, telefone para contato (66) 3411-5734, Abertura das Propostas: 23/07/2025 às 09h30 (horário de Brasília) em sessão pública nos termos do Edital e seus anexos.
Rondonópolis-MT, 09 de julho de 2025.
NICHOLAS ANDRÉ FERREIRA MARTINS
Superintendente de Compras e Licitações
Email: pmrroo@hotmail.com
PREFEITURA MUNICIPAL DE RONDONÓPOLIS
TERMO DE RATIFICAÇÃO N.º 62/2025
INEXIGIBILIDADE DE LICITAÇÃO
O Senhor CLÁUDIO FERREIRA DE SOUZA, Prefeito Municipal de Rondonópolis, Estado de Mato Grosso, no uso de suas atribuições legais, e especificamente nos termos do art. 74, inciso I, da Lei Federal n.º 14.133, 01 de abril de 2021, RATIFICA O PROCESSO DE INEXIGIBILIDADE DE LICITAÇÃO N.º 62/2025, com fulcro no Parecer Jurídico n.º 96/2025/AJSEMED, que aprecia o processo administrativo na modalidade de inexigibilidade de licitação, e diante da situação fática, de acordo com a Lei de Licitações, manifestou a favor da Licitante: UP SOLUÇÕES E NEGÓCIOS LTDA, na R Rio Uruguai, nº 397, Bairro: Weissopolis, Pinhais/PR, inscrito no CNPJ: 54.909.646/0001-15. OBJETO: CORRESPONDE À AQUISIÇÃO DO PROJETO PEDAGÓGICO "IMAGINAR, CONTAR E ENCANTAR - BIBLIOTECA ITINERANTE" PARA ATENDER À SECRETARIA MUNICIPAL DE EDUCAÇÃO, CULTURA, ESPORTE E LAZER DO MUNICÍPIO DE RONDONÓPOLIS-MT. VALOR DA INEXIGIBILIDADE: R$ 1.088.080,00 (UM MILHÃO E OITENTA E OITO MIL E OITENTA REAIS). Publique-se no diário desta Prefeitura, no Diário Oficial do Município – DIORONDON, no jornal de circulação estadual Jornal Estadão, no jornal de circulação regional A Tribuna e no Diário Oficial de Contas, para ciência de todos os interessados observadas as prescrições legais.
Rondonópolis-MT, 07 de julho de 2025.
CLÁUDIO FERREIRA DE SOUZA
Prefeito de Rondonópolis
PREFEITURA MUNICIPAL DE RONDONÓPOLIS
AVISO DE LICITAÇÃO
PREGÃO ELETRÔNICO N.º 22/2025
O Município de Rondonópolis-MT, através da Superintendente de Compras e Licitação, torna público que realizará a licitação em epígrafe para Registro de preços para futura e eventual contratação de empresa especializada para prestação de serviços de gerenciamento informatizado da frota de veículos, mediante rede credenciada para prestação, de forma contínua, de gerenciamento, controle e credenciamento de rede especializada fornecimento de manutenção preventiva, corretiva e preditiva, higienização de veículos (lava-jato) e borracharia, através de sistema informatizado (com software disponibilizado em tempo real pela internet) e integrado com tecnologia de cartão magnético físico, para toda frota oficial da Prefeitura Municipal de Rondonópolis, conforme condições e exigências estabelecidas no Termo de Referência, de acordo com as especificações e quantitativos definidos no edital e seus anexos. Os interessados poderão retirar o edital completo gratuitamente no endereço eletrônico bllcompras.com, onde as propostas serão recebidas e processadas por meio eletrônico, bem como, no site www.rondonopolis.mt.gov.br menu: Empresa opção: Licitações, e na Prefeitura, Superintendência de Compras, Avenida Duque de Caxias, n.º 1.000, Bairro Vila Aurora, das 12h00 às 18h00, Email para esclarecimentos: pmrroo@hotmail.com, Abertura das Propostas: 25/07/2025 às 09h30 (horário de Brasília) em sessão pública nos termos do Edital e seus anexos.
Rondonópolis-MT, 09 de julho de 2025.
NICHOLAS ANDRÉ FERREIRA MARTINS
Superintendente de Compras e Licitações
Fonte do Paladar
Restaurante
O MELHOR DA COMIDA CASEIRA!
PEÇA AGORA!
✆ 65 97400-7660 ifood
Av. XV de Novembro, 311
Centro Sul, Cuiabá - MT,
78020-301
anuncie
CONOSCO
ESTADÃO
Mato Grosso
Telefone:
(65) 3365-1187
